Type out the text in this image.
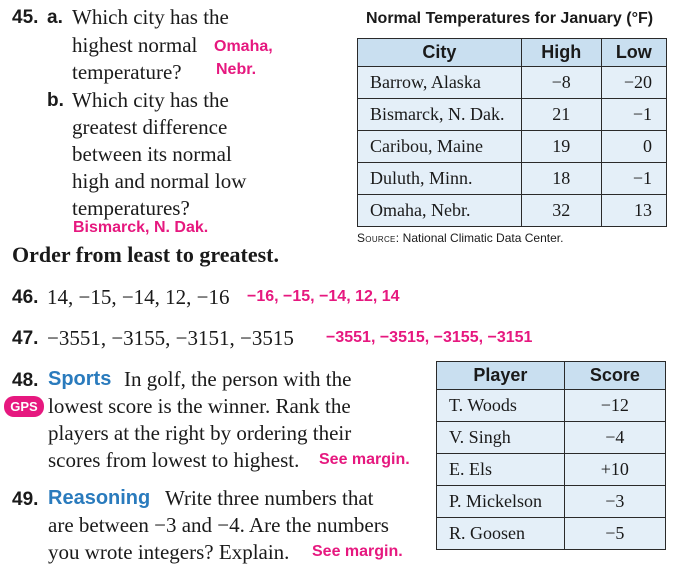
45. a. Which city has the
highest normal
temperature?
Omaha,
Nebr.
b. Which city has the
greatest difference
between its normal
high and normal low
temperatures?
Bismarck, N. Dak.
Normal Temperatures for January (°F)
City	High	Low
Barrow, Alaska	−8	−20
Bismarck, N. Dak.	21	−1
Caribou, Maine	19	0
Duluth, Minn.	18	−1
Omaha, Nebr.	32	13
Source: National Climatic Data Center.
Order from least to greatest.
46. 14, −15, −14, 12, −16 −16, −15, −14, 12, 14
47. −3551, −3155, −3151, −3515 −3551, −3515, −3155, −3151
48. Sports In golf, the person with the
GPS lowest score is the winner. Rank the
players at the right by ordering their
scores from lowest to highest. See margin.
49. Reasoning Write three numbers that
are between −3 and −4. Are the numbers
you wrote integers? Explain. See margin.
Player	Score
T. Woods	−12
V. Singh	−4
E. Els	+10
P. Mickelson	−3
R. Goosen	−5
